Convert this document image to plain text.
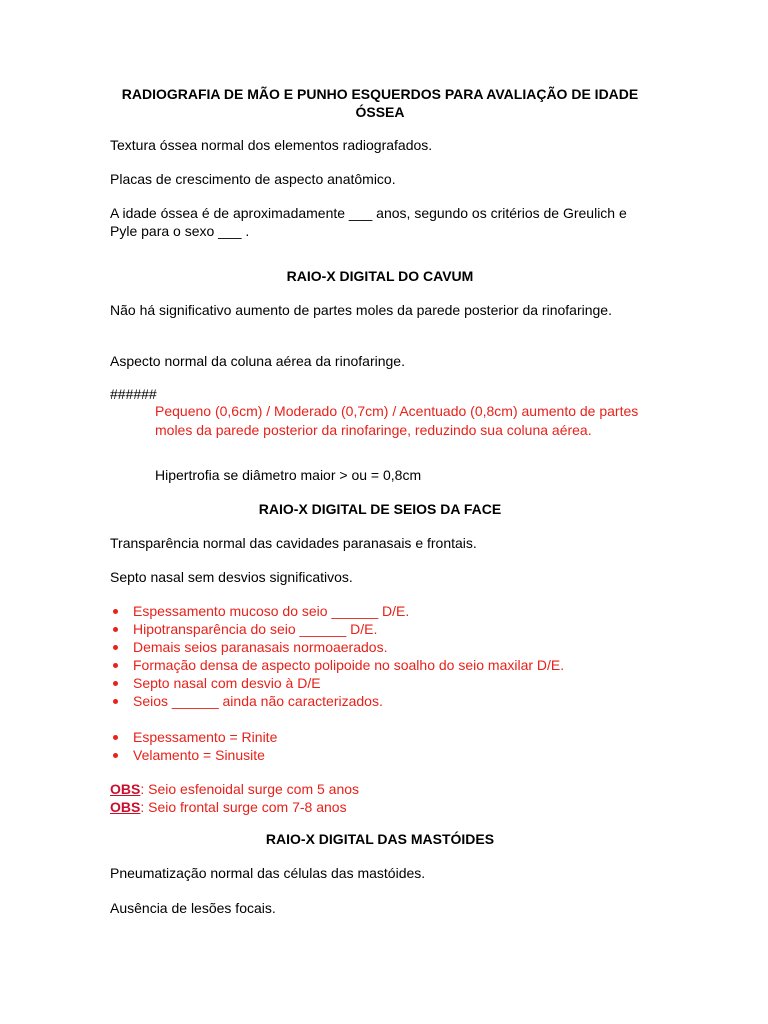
RADIOGRAFIA DE MÃO E PUNHO ESQUERDOS PARA AVALIAÇÃO DE IDADE ÓSSEA

Textura óssea normal dos elementos radiografados.

Placas de crescimento de aspecto anatômico.

A idade óssea é de aproximadamente ___ anos, segundo os critérios de Greulich e Pyle para o sexo ___ .

RAIO-X DIGITAL DO CAVUM

Não há significativo aumento de partes moles da parede posterior da rinofaringe.

Aspecto normal da coluna aérea da rinofaringe.

######

Pequeno (0,6cm) / Moderado (0,7cm) / Acentuado (0,8cm) aumento de partes moles da parede posterior da rinofaringe, reduzindo sua coluna aérea.

Hipertrofia se diâmetro maior > ou = 0,8cm

RAIO-X DIGITAL DE SEIOS DA FACE

Transparência normal das cavidades paranasais e frontais.

Septo nasal sem desvios significativos.

Espessamento mucoso do seio ______ D/E.
Hipotransparência do seio ______ D/E.
Demais seios paranasais normoaerados.
Formação densa de aspecto polipoide no soalho do seio maxilar D/E.
Septo nasal com desvio à D/E
Seios ______ ainda não caracterizados.
Espessamento = Rinite
Velamento = Sinusite

OBS: Seio esfenoidal surge com 5 anos

OBS: Seio frontal surge com 7-8 anos

RAIO-X DIGITAL DAS MASTÓIDES

Pneumatização normal das células das mastóides.

Ausência de lesões focais.
